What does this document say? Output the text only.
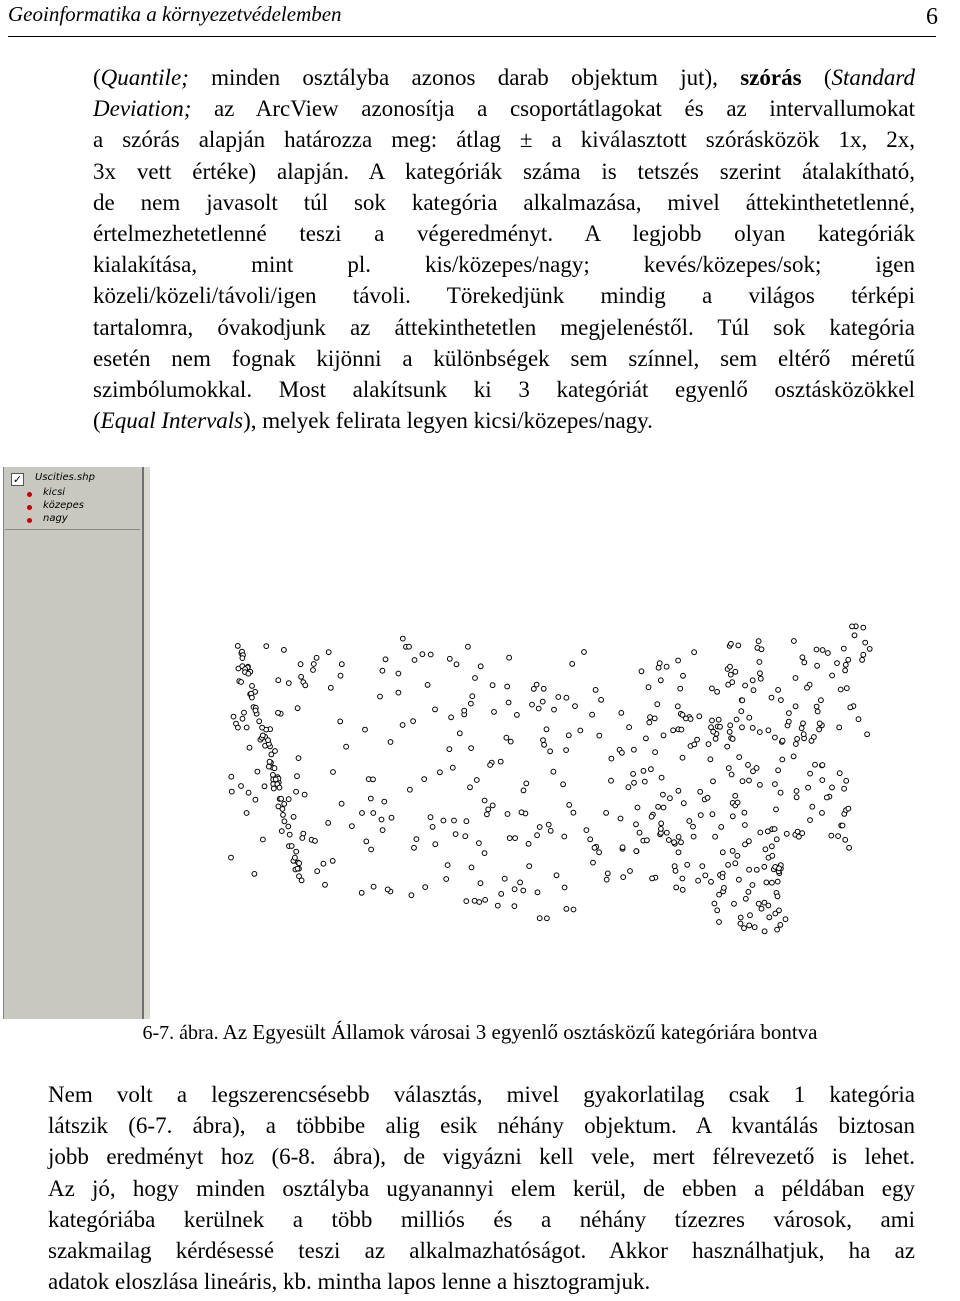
Geoinformatika a környezetvédelemben	6
(Quantile; minden osztályba azonos darab objektum jut), szórás (Standard
Deviation; az ArcView azonosítja a csoportátlagokat és az intervallumokat
a szórás alapján határozza meg: átlag ± a kiválasztott szórásközök 1x, 2x,
3x vett értéke) alapján. A kategóriák száma is tetszés szerint átalakítható,
de nem javasolt túl sok kategória alkalmazása, mivel áttekinthetetlenné,
értelmezhetetlenné teszi a végeredményt. A legjobb olyan kategóriák
kialakítása, mint pl. kis/közepes/nagy; kevés/közepes/sok; igen
közeli/közeli/távoli/igen távoli. Törekedjünk mindig a világos térképi
tartalomra, óvakodjunk az áttekinthetetlen megjelenéstől. Túl sok kategória
esetén nem fognak kijönni a különbségek sem színnel, sem eltérő méretű
szimbólumokkal. Most alakítsunk ki 3 kategóriát egyenlő osztásközökkel
(Equal Intervals), melyek felirata legyen kicsi/közepes/nagy.
✓ Uscities.shp
kicsi
közepes
nagy
6-7. ábra. Az Egyesült Államok városai 3 egyenlő osztásközű kategóriára bontva
Nem volt a legszerencsésebb választás, mivel gyakorlatilag csak 1 kategória
látszik (6-7. ábra), a többibe alig esik néhány objektum. A kvantálás biztosan
jobb eredményt hoz (6-8. ábra), de vigyázni kell vele, mert félrevezető is lehet.
Az jó, hogy minden osztályba ugyanannyi elem kerül, de ebben a példában egy
kategóriába kerülnek a több milliós és a néhány tízezres városok, ami
szakmailag kérdésessé teszi az alkalmazhatóságot. Akkor használhatjuk, ha az
adatok eloszlása lineáris, kb. mintha lapos lenne a hisztogramjuk.
